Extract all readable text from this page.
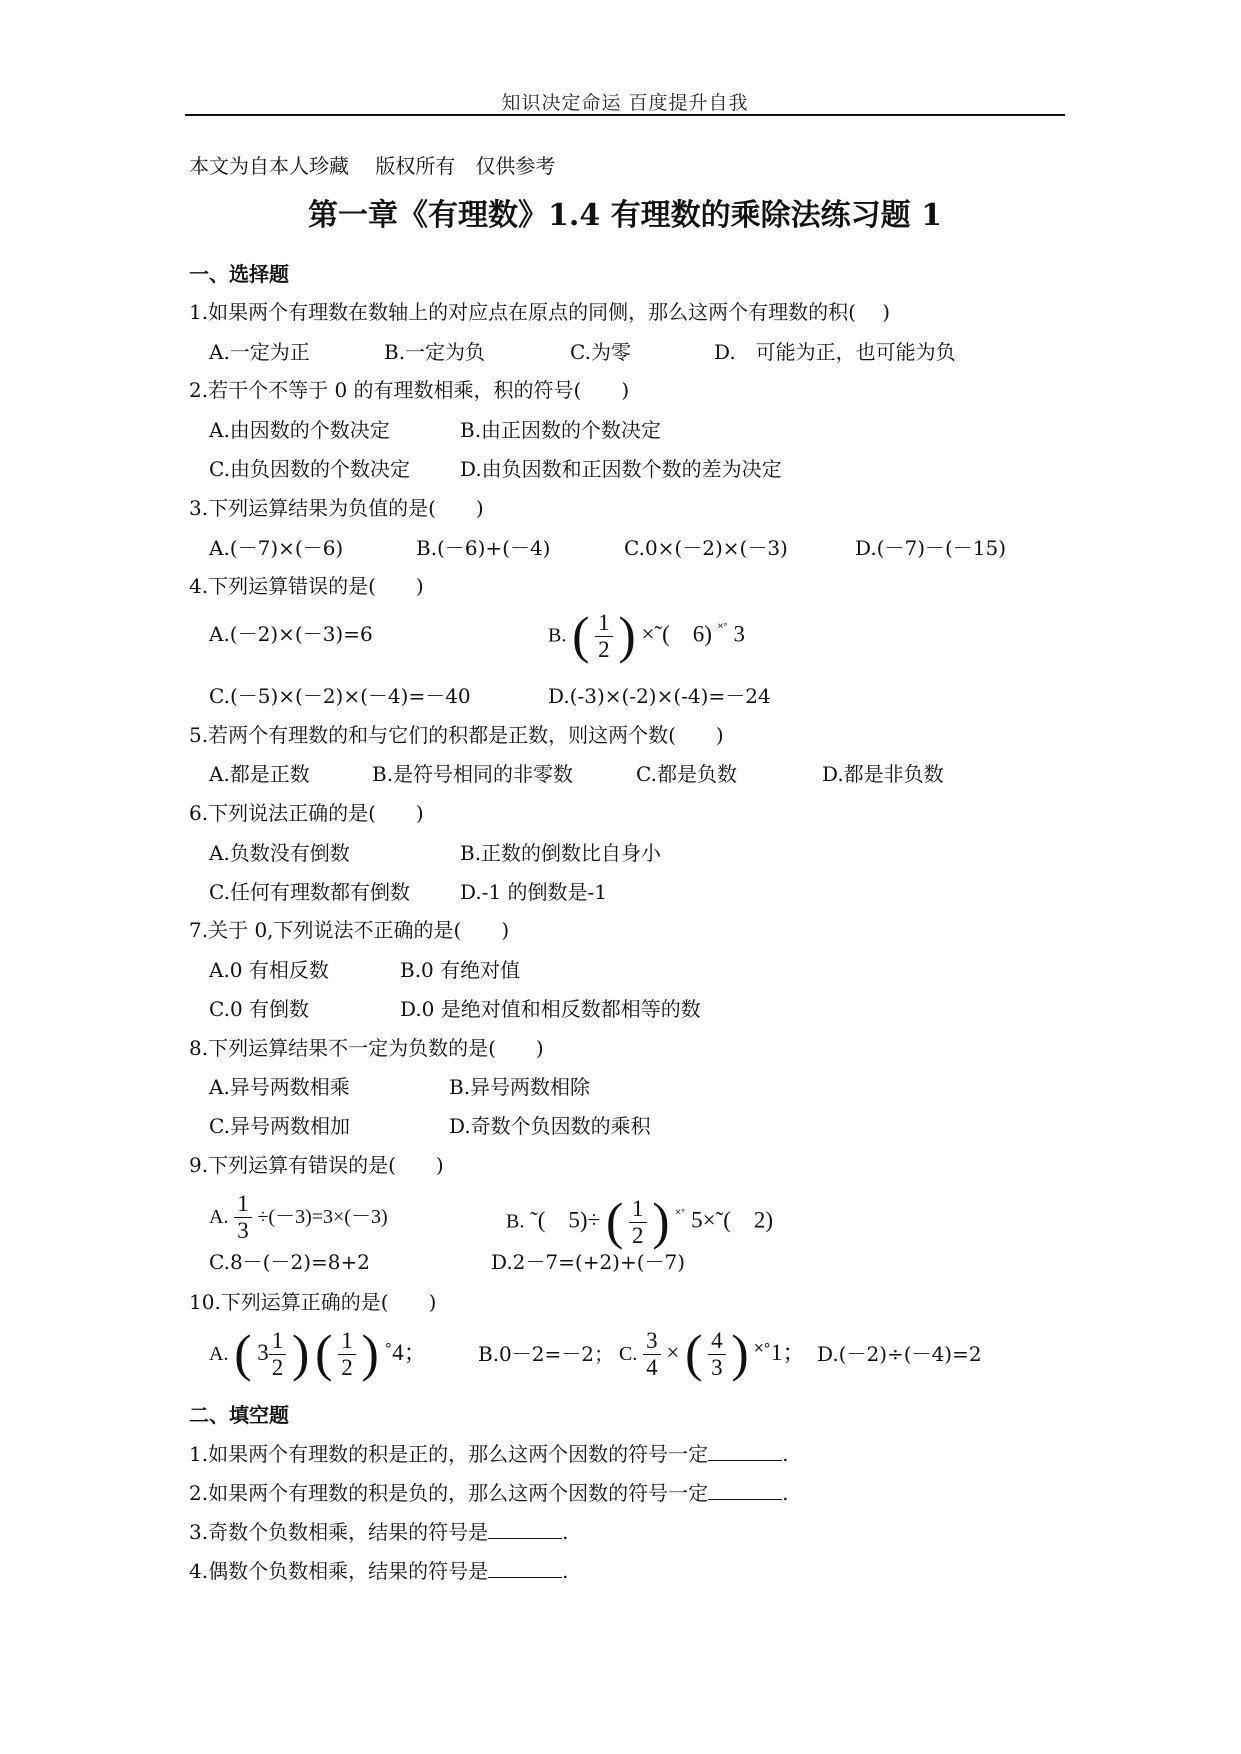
知识决定命运 百度提升自我
本文为自本人珍藏　 版权所有　仅供参考
第一章《有理数》1.4 有理数的乘除法练习题 1
一、选择题
1.如果两个有理数在数轴上的对应点在原点的同侧，那么这两个有理数的积(　 )
A.一定为正	B.一定为负	C.为零	D.　可能为正，也可能为负
2.若干个不等于 0 的有理数相乘，积的符号(　　)
A.由因数的个数决定	B.由正因数的个数决定
C.由负因数的个数决定	D.由负因数和正因数个数的差为决定
3.下列运算结果为负值的是(　　)
A.(－7)×(－6)	B.(－6)+(－4)	C.0×(－2)×(－3)	D.(－7)－(－15)
4.下列运算错误的是(　　)
A.(－2)×(－3)=6	B. ( $\frac{1}{2}$ ) ×˜(　6) ˟˚ 3
C.(－5)×(－2)×(－4)=－40	D.(-3)×(-2)×(-4)=－24
5.若两个有理数的和与它们的积都是正数，则这两个数(　　)
A.都是正数	B.是符号相同的非零数	C.都是负数	D.都是非负数
6.下列说法正确的是(　　)
A.负数没有倒数	B.正数的倒数比自身小
C.任何有理数都有倒数	D.-1 的倒数是-1
7.关于 0,下列说法不正确的是(　　)
A.0 有相反数	B.0 有绝对值
C.0 有倒数	D.0 是绝对值和相反数都相等的数
8.下列运算结果不一定为负数的是(　　)
A.异号两数相乘	B.异号两数相除
C.异号两数相加	D.奇数个负因数的乘积
9.下列运算有错误的是(　　)
A. $\frac{1}{3} \div(-3)=3\times(-3)$	B. ˜(　5)÷ ( $\frac{1}{2}$ ) ˟˚ 5×˜(　2)
C.8－(－2)=8+2	D.2－7=(+2)+(－7)
10.下列运算正确的是(　　)
A. ( $3 \frac{1}{2}$ ) ( $\frac{1}{2}$ ) ˚4；	B.0－2=－2； C. $\frac{3}{4}$ × ( $\frac{4}{3}$ ) ˟˚1； D.(－2)÷(－4)=2
二、填空题
1.如果两个有理数的积是正的，那么这两个因数的符号一定	.
2.如果两个有理数的积是负的，那么这两个因数的符号一定	.
3.奇数个负数相乘，结果的符号是	.
4.偶数个负数相乘，结果的符号是	.
